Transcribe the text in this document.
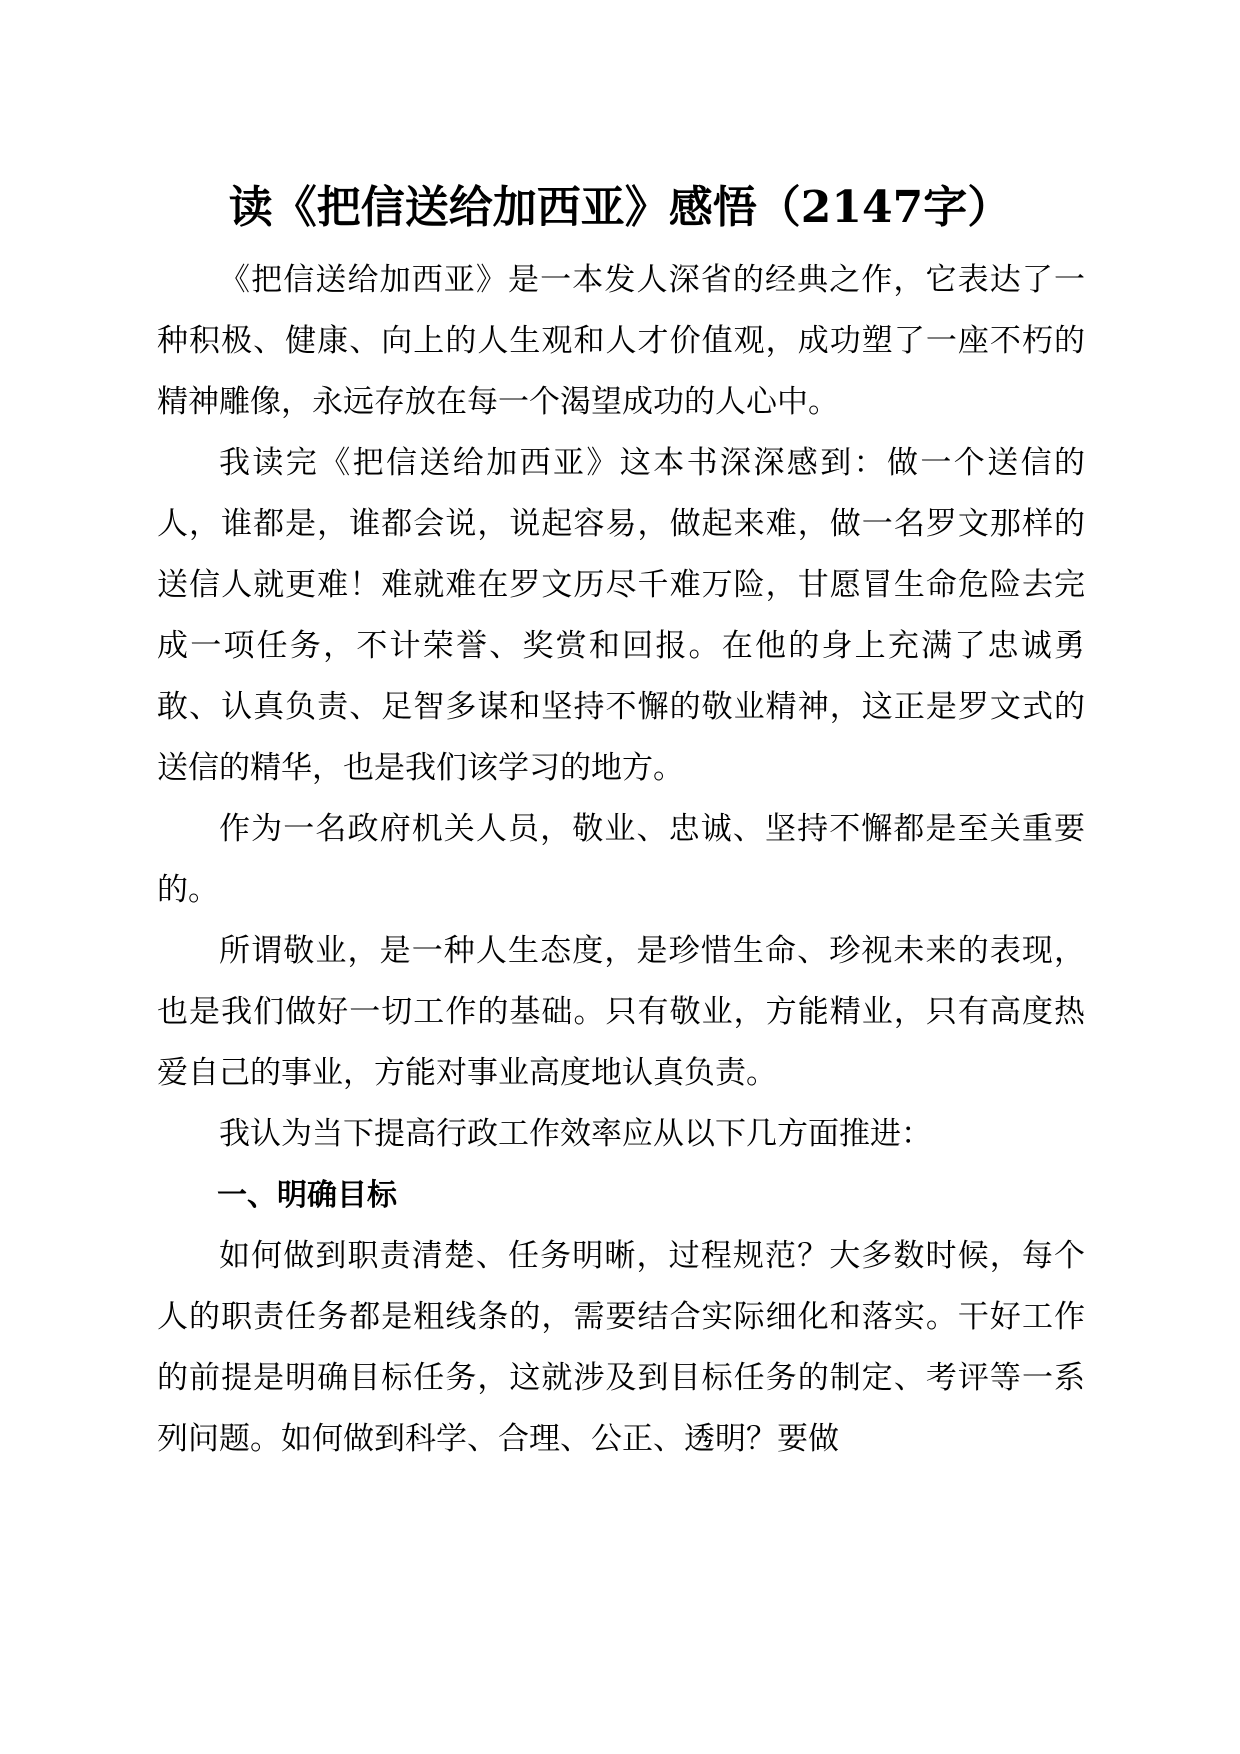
读《把信送给加西亚》感悟（2147字）

《把信送给加西亚》是一本发人深省的经典之作，它表达了一种积极、健康、向上的人生观和人才价值观，成功塑了一座不朽的精神雕像，永远存放在每一个渴望成功的人心中。

我读完《把信送给加西亚》这本书深深感到：做一个送信的人，谁都是，谁都会说，说起容易，做起来难，做一名罗文那样的送信人就更难！难就难在罗文历尽千难万险，甘愿冒生命危险去完成一项任务，不计荣誉、奖赏和回报。在他的身上充满了忠诚勇敢、认真负责、足智多谋和坚持不懈的敬业精神，这正是罗文式的送信的精华，也是我们该学习的地方。

作为一名政府机关人员，敬业、忠诚、坚持不懈都是至关重要的。

所谓敬业，是一种人生态度，是珍惜生命、珍视未来的表现，也是我们做好一切工作的基础。只有敬业，方能精业，只有高度热爱自己的事业，方能对事业高度地认真负责。

我认为当下提高行政工作效率应从以下几方面推进：

一、明确目标

如何做到职责清楚、任务明晰，过程规范？大多数时候，每个人的职责任务都是粗线条的，需要结合实际细化和落实。干好工作的前提是明确目标任务，这就涉及到目标任务的制定、考评等一系列问题。如何做到科学、合理、公正、透明？要做
